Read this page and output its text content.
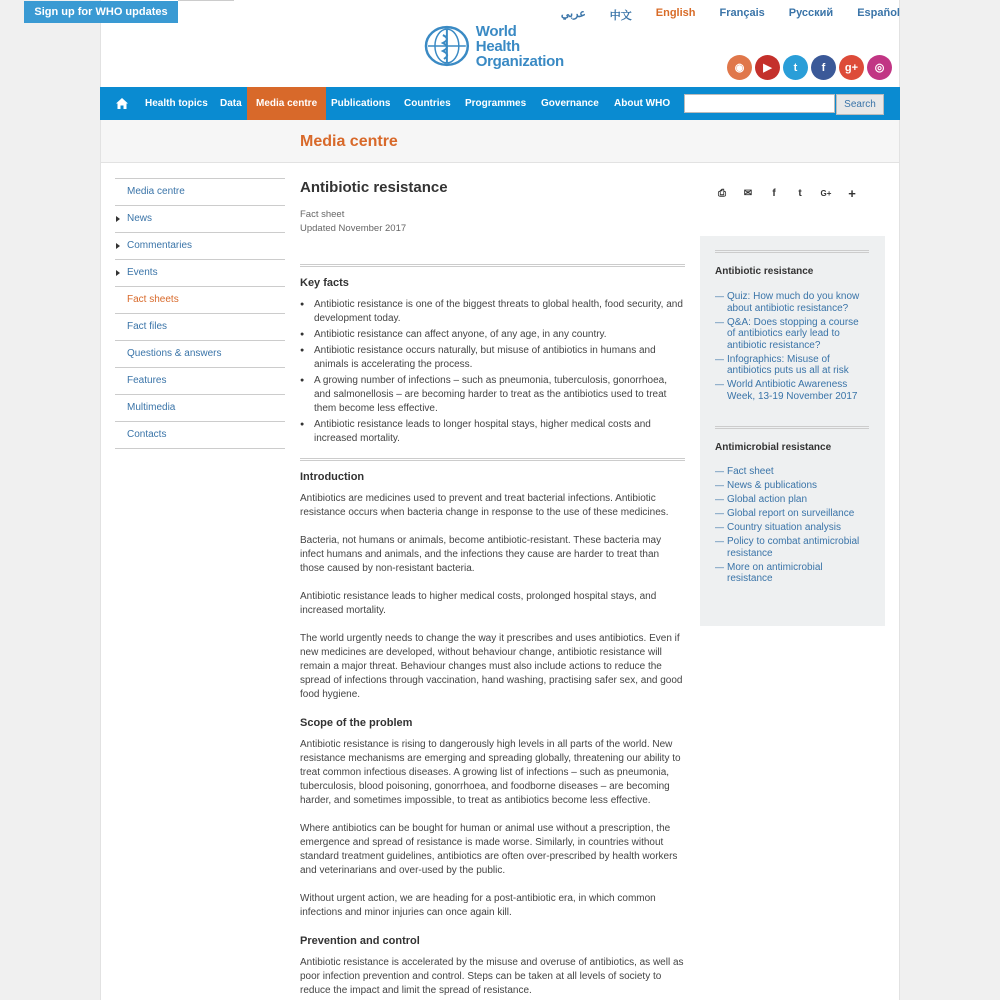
Sign up for WHO updates	عربي 中文 English Français Русский Español
World Health
Organization	◉	▶	t	f	g+	◎
Health topics Data	Media centre	Publications Countries Programmes Governance About WHO	Search
Media centre
Media centre
News
Commentaries
Events
Fact sheets
Fact files
Questions & answers
Features
Multimedia
Contacts
Antibiotic resistance
Fact sheet
Updated November 2017
Key facts
● Antibiotic resistance is one of the biggest threats to global health, food security, and development today.
● Antibiotic resistance can affect anyone, of any age, in any country.
● Antibiotic resistance occurs naturally, but misuse of antibiotics in humans and animals is accelerating the process.
● A growing number of infections – such as pneumonia, tuberculosis, gonorrhoea, and salmonellosis – are becoming harder to treat as the antibiotics used to treat them become less effective.
● Antibiotic resistance leads to longer hospital stays, higher medical costs and increased mortality.
Introduction

Antibiotics are medicines used to prevent and treat bacterial infections. Antibiotic resistance occurs when bacteria change in response to the use of these medicines.

Bacteria, not humans or animals, become antibiotic-resistant. These bacteria may infect humans and animals, and the infections they cause are harder to treat than those caused by non-resistant bacteria.

Antibiotic resistance leads to higher medical costs, prolonged hospital stays, and increased mortality.

The world urgently needs to change the way it prescribes and uses antibiotics. Even if new medicines are developed, without behaviour change, antibiotic resistance will remain a major threat. Behaviour changes must also include actions to reduce the spread of infections through vaccination, hand washing, practising safer sex, and good food hygiene.

Scope of the problem

Antibiotic resistance is rising to dangerously high levels in all parts of the world. New resistance mechanisms are emerging and spreading globally, threatening our ability to treat common infectious diseases. A growing list of infections – such as pneumonia, tuberculosis, blood poisoning, gonorrhoea, and foodborne diseases – are becoming harder, and sometimes impossible, to treat as antibiotics become less effective.

Where antibiotics can be bought for human or animal use without a prescription, the emergence and spread of resistance is made worse. Similarly, in countries without standard treatment guidelines, antibiotics are often over-prescribed by health workers and veterinarians and over-used by the public.

Without urgent action, we are heading for a post-antibiotic era, in which common infections and minor injuries can once again kill.

Prevention and control

Antibiotic resistance is accelerated by the misuse and overuse of antibiotics, as well as poor infection prevention and control. Steps can be taken at all levels of society to reduce the impact and limit the spread of resistance.

⎙ ✉	f	t	G+ +
Antibiotic resistance
— Quiz: How much do you know about antibiotic resistance?
— Q&A: Does stopping a course of antibiotics early lead to antibiotic resistance?
— Infographics: Misuse of antibiotics puts us all at risk
— World Antibiotic Awareness Week, 13-19 November 2017
Antimicrobial resistance
— Fact sheet
— News & publications
— Global action plan
— Global report on surveillance
— Country situation analysis
— Policy to combat antimicrobial resistance
— More on antimicrobial resistance
